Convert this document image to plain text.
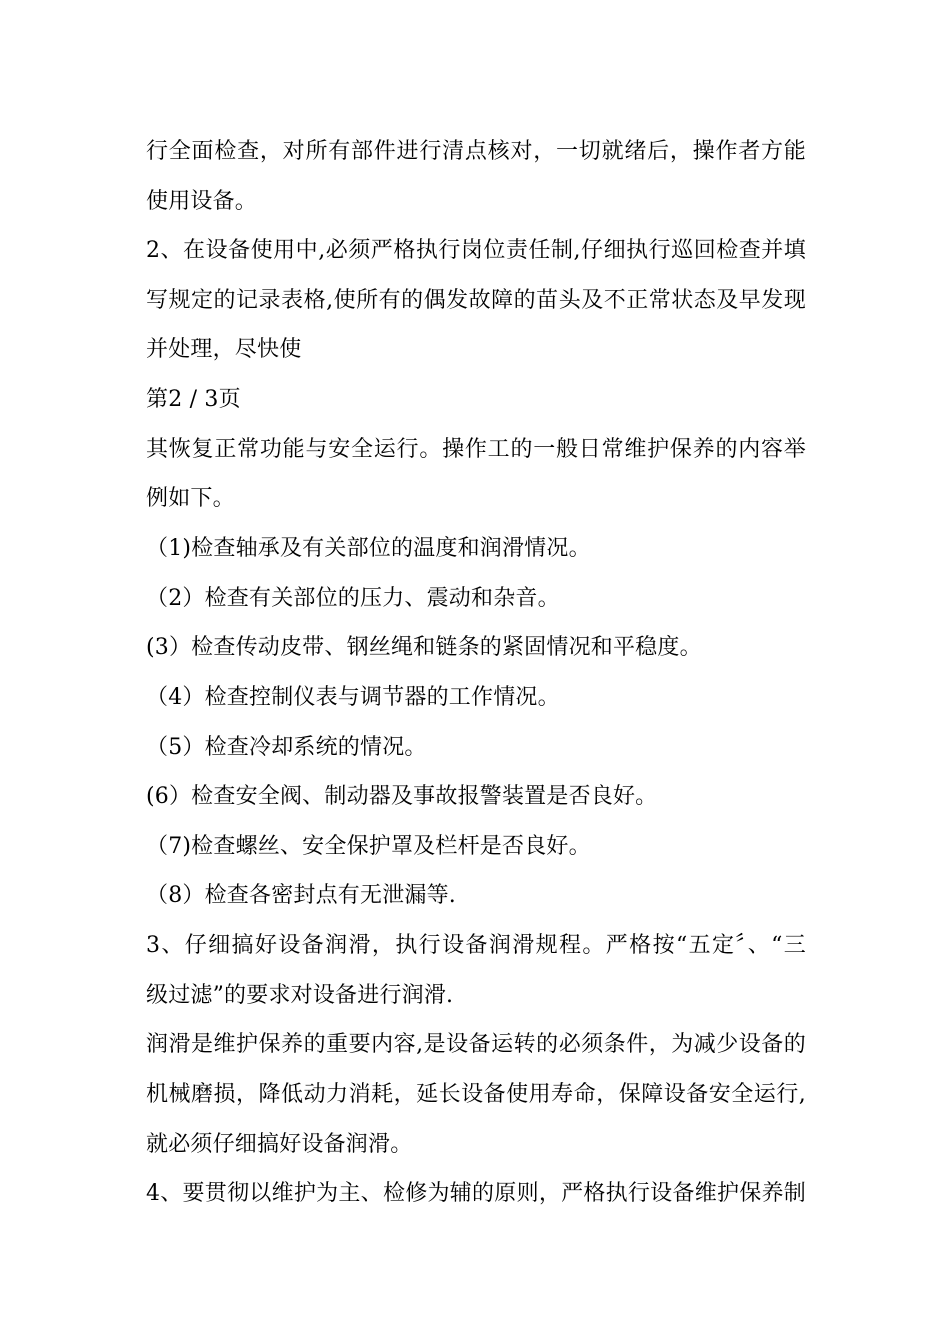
行全面检查，对所有部件进行清点核对，一切就绪后，操作者方能
使用设备。
2、在设备使用中,必须严格执行岗位责任制,仔细执行巡回检查并填
写规定的记录表格,使所有的偶发故障的苗头及不正常状态及早发现
并处理，尽快使
第2 / 3页
其恢复正常功能与安全运行。操作工的一般日常维护保养的内容举
例如下。
（1)检查轴承及有关部位的温度和润滑情况。
（2）检查有关部位的压力、震动和杂音。
(3）检查传动皮带、钢丝绳和链条的紧固情况和平稳度。
（4）检查控制仪表与调节器的工作情况。
（5）检查冷却系统的情况。
(6）检查安全阀、制动器及事故报警装置是否良好。
（7)检查螺丝、安全保护罩及栏杆是否良好。
（8）检查各密封点有无泄漏等.
3、仔细搞好设备润滑，执行设备润滑规程。严格按“五定〞、“三
级过滤”的要求对设备进行润滑.
润滑是维护保养的重要内容,是设备运转的必须条件，为减少设备的
机械磨损，降低动力消耗，延长设备使用寿命，保障设备安全运行,
就必须仔细搞好设备润滑。
4、要贯彻以维护为主、检修为辅的原则，严格执行设备维护保养制
